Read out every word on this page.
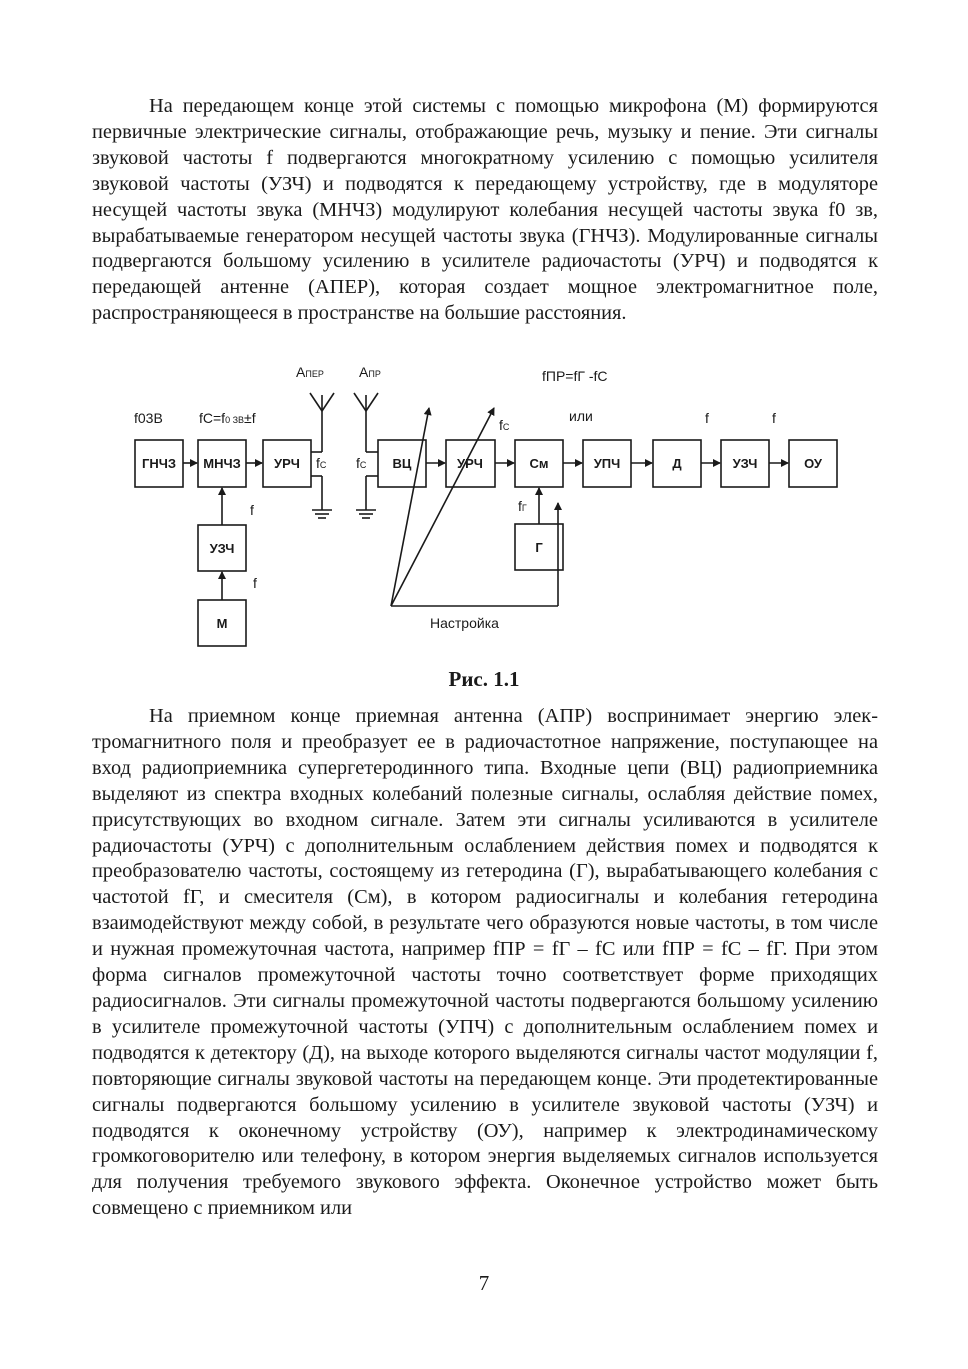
На передающем конце этой системы с помощью микрофона (М) формируются первичные электрические сигналы, отображающие речь, музыку и пение. Эти сигналы звуковой частоты f подвергаются многократному усилению с помощью усилителя звуковой частоты (УЗЧ) и подводятся к передающему устройству, где в модуляторе несущей частоты звука (МНЧЗ) модулируют колебания несущей частоты звука f0 зв, вырабатываемые генератором несущей частоты звука (ГНЧЗ). Модулированные сигналы подвергаются большому усилению в усилителе радиочастоты (УРЧ) и подводятся к передающей антенне (АПЕР), которая создает мощное электромагнитное поле, распространяющееся в пространстве на большие расстояния.

ГНЧЗ МНЧЗ	УРЧ
УЗЧ
М
ВЦ	УРЧ	См
Г
УПЧ	Д	УЗЧ	ОУ
АПЕР	АПР
f03В	fC=f0 ЗВ±f
fC fC
fC
fПР=fГ -fС
или	f	f
fГ
f
f
Настройка
Рис. 1.1

На приемном конце приемная антенна (АПР) воспринимает энергию электромагнитного поля и преобразует ее в радиочастотное напряжение, поступающее на вход радиоприемника супергетеродинного типа. Входные цепи (ВЦ) радиоприемника выделяют из спектра входных колебаний полезные сигналы, ослабляя действие помех, присутствующих во входном сигнале. Затем эти сигналы усиливаются в усилителе радиочастоты (УРЧ) с дополнительным ослаблением действия помех и подводятся к преобразователю частоты, состоящему из гетеродина (Г), вырабатывающего колебания с частотой fГ, и смесителя (См), в котором радиосигналы и колебания гетеродина взаимодействуют между собой, в результате чего образуются новые частоты, в том числе и нужная промежуточная частота, например fПР = fГ – fС или fПР = fС – fГ. При этом форма сигналов промежуточной частоты точно соответствует форме приходящих радиосигналов. Эти сигналы промежуточной частоты подвергаются большому усилению в усилителе промежуточной частоты (УПЧ) с дополнительным ослаблением помех и подводятся к детектору (Д), на выходе которого выделяются сигналы частот модуляции f, повторяющие сигналы звуковой частоты на передающем конце. Эти продетектированные сигналы подвергаются большому усилению в усилителе звуковой частоты (УЗЧ) и подводятся к оконечному устройству (ОУ), например к электродинамическому громкоговорителю или телефону, в котором энергия выделяемых сигналов используется для получения требуемого звукового эффекта. Оконечное устройство может быть совмещено с приемником или

7
